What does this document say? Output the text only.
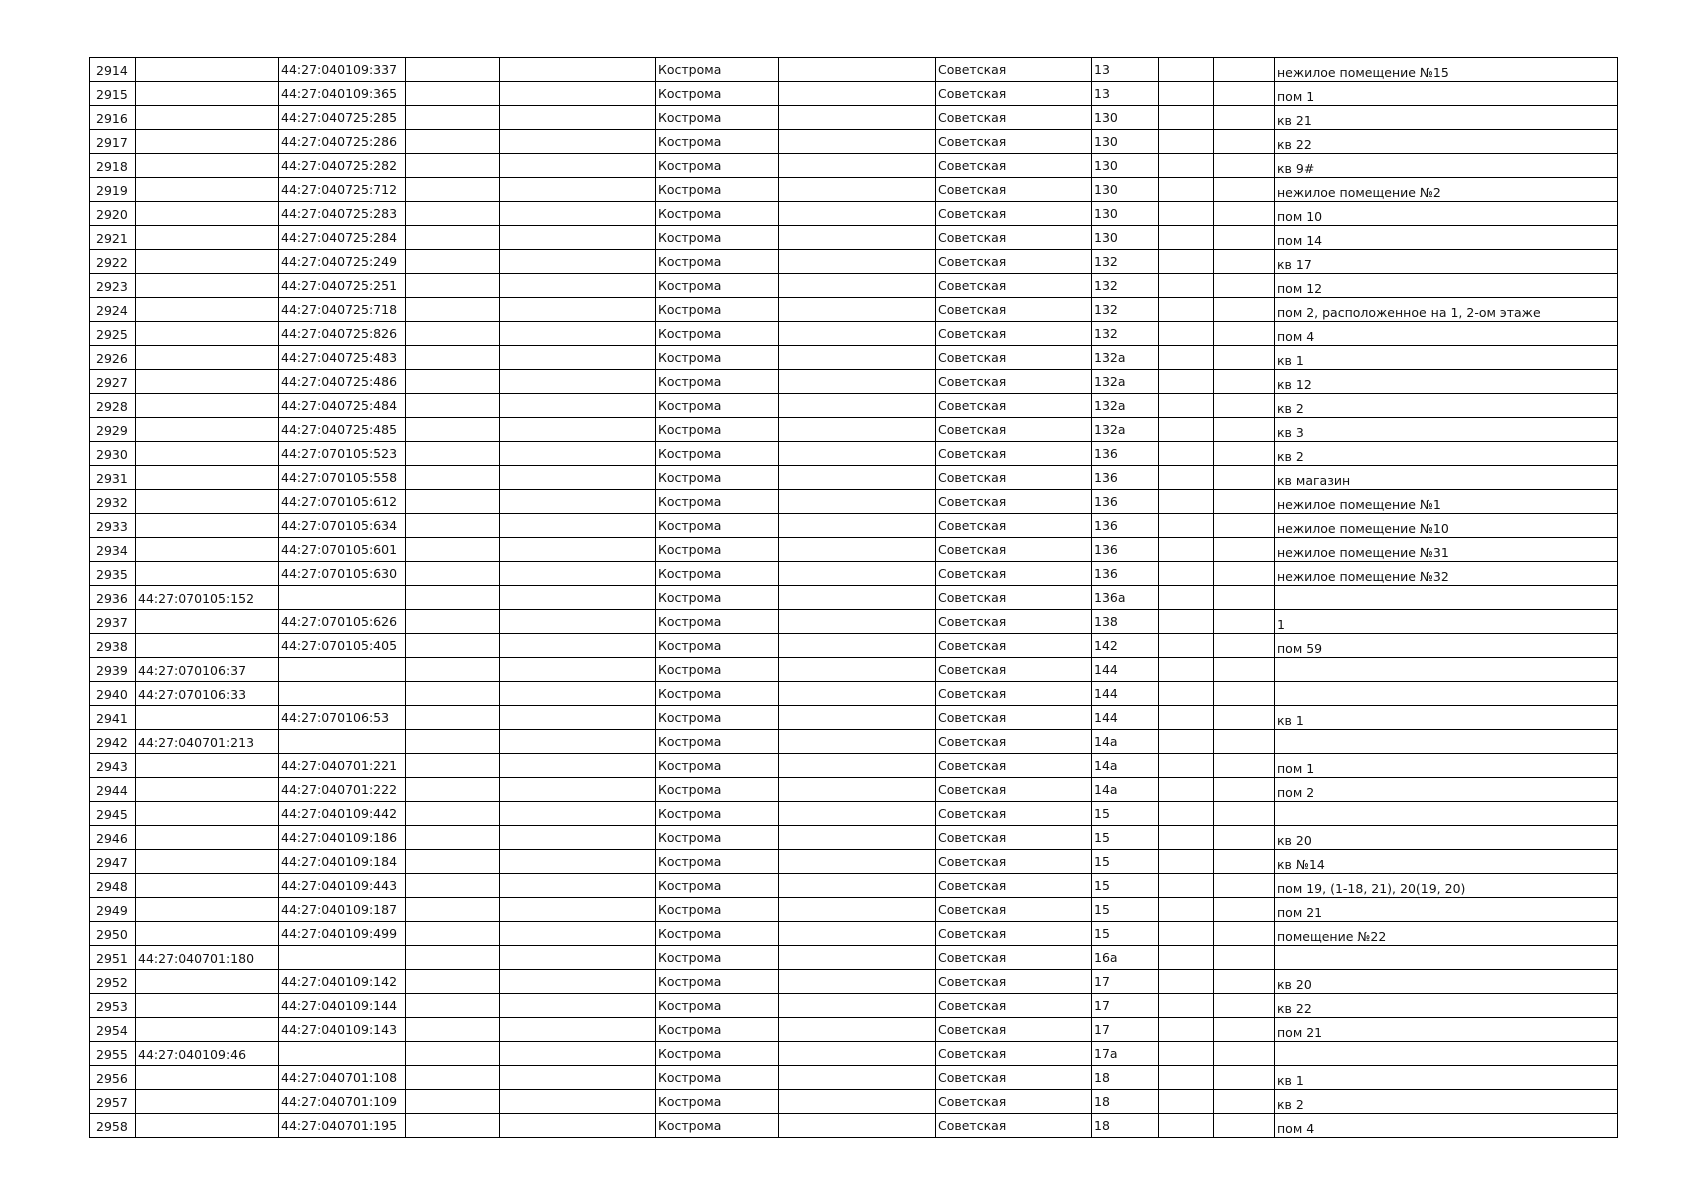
2914		44:27:040109:337			Кострома		Советская	13			нежилое помещение №15
2915		44:27:040109:365			Кострома		Советская	13			пом 1
2916		44:27:040725:285			Кострома		Советская	130			кв 21
2917		44:27:040725:286			Кострома		Советская	130			кв 22
2918		44:27:040725:282			Кострома		Советская	130			кв 9#
2919		44:27:040725:712			Кострома		Советская	130			нежилое помещение №2
2920		44:27:040725:283			Кострома		Советская	130			пом 10
2921		44:27:040725:284			Кострома		Советская	130			пом 14
2922		44:27:040725:249			Кострома		Советская	132			кв 17
2923		44:27:040725:251			Кострома		Советская	132			пом 12
2924		44:27:040725:718			Кострома		Советская	132			пом 2, расположенное на 1, 2-ом этаже
2925		44:27:040725:826			Кострома		Советская	132			пом 4
2926		44:27:040725:483			Кострома		Советская	132а			кв 1
2927		44:27:040725:486			Кострома		Советская	132а			кв 12
2928		44:27:040725:484			Кострома		Советская	132а			кв 2
2929		44:27:040725:485			Кострома		Советская	132а			кв 3
2930		44:27:070105:523			Кострома		Советская	136			кв 2
2931		44:27:070105:558			Кострома		Советская	136			кв магазин
2932		44:27:070105:612			Кострома		Советская	136			нежилое помещение №1
2933		44:27:070105:634			Кострома		Советская	136			нежилое помещение №10
2934		44:27:070105:601			Кострома		Советская	136			нежилое помещение №31
2935		44:27:070105:630			Кострома		Советская	136			нежилое помещение №32
2936	44:27:070105:152				Кострома		Советская	136а			
2937		44:27:070105:626			Кострома		Советская	138			1
2938		44:27:070105:405			Кострома		Советская	142			пом 59
2939	44:27:070106:37				Кострома		Советская	144			
2940	44:27:070106:33				Кострома		Советская	144			
2941		44:27:070106:53			Кострома		Советская	144			кв 1
2942	44:27:040701:213				Кострома		Советская	14а			
2943		44:27:040701:221			Кострома		Советская	14а			пом 1
2944		44:27:040701:222			Кострома		Советская	14а			пом 2
2945		44:27:040109:442			Кострома		Советская	15			
2946		44:27:040109:186			Кострома		Советская	15			кв 20
2947		44:27:040109:184			Кострома		Советская	15			кв №14
2948		44:27:040109:443			Кострома		Советская	15			пом 19, (1-18, 21), 20(19, 20)
2949		44:27:040109:187			Кострома		Советская	15			пом 21
2950		44:27:040109:499			Кострома		Советская	15			помещение №22
2951	44:27:040701:180				Кострома		Советская	16а			
2952		44:27:040109:142			Кострома		Советская	17			кв 20
2953		44:27:040109:144			Кострома		Советская	17			кв 22
2954		44:27:040109:143			Кострома		Советская	17			пом 21
2955	44:27:040109:46				Кострома		Советская	17а			
2956		44:27:040701:108			Кострома		Советская	18			кв 1
2957		44:27:040701:109			Кострома		Советская	18			кв 2
2958		44:27:040701:195			Кострома		Советская	18			пом 4
